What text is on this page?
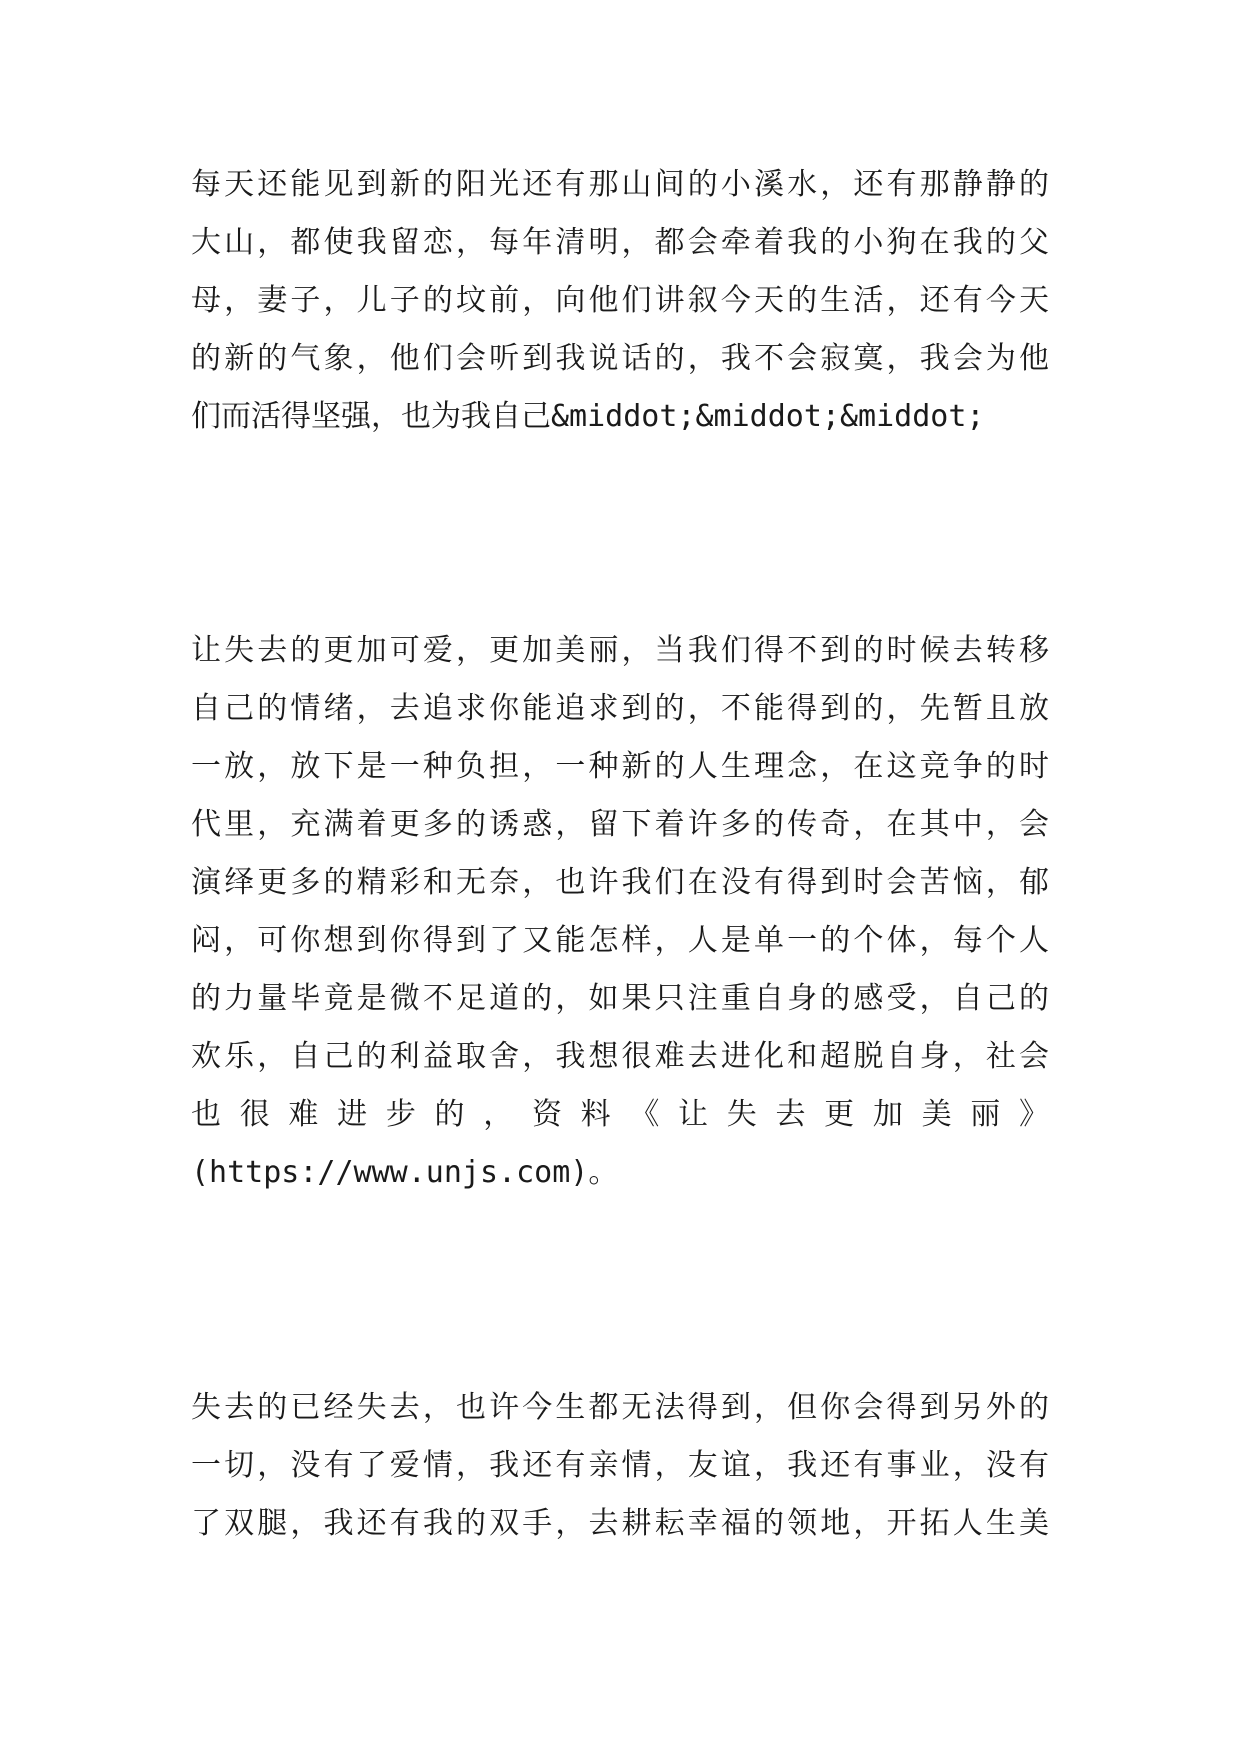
每天还能见到新的阳光还有那山间的小溪水，还有那静静的
大山，都使我留恋，每年清明，都会牵着我的小狗在我的父
母，妻子，儿子的坟前，向他们讲叙今天的生活，还有今天
的新的气象，他们会听到我说话的，我不会寂寞，我会为他
们而活得坚强，也为我自己&middot;&middot;&middot;
让失去的更加可爱，更加美丽，当我们得不到的时候去转移
自己的情绪，去追求你能追求到的，不能得到的，先暂且放
一放，放下是一种负担，一种新的人生理念，在这竞争的时
代里，充满着更多的诱惑，留下着许多的传奇，在其中，会
演绎更多的精彩和无奈，也许我们在没有得到时会苦恼，郁
闷，可你想到你得到了又能怎样，人是单一的个体，每个人
的力量毕竟是微不足道的，如果只注重自身的感受，自己的
欢乐，自己的利益取舍，我想很难去进化和超脱自身，社会
也 很 难 进 步 的 ， 资 料 《 让 失 去 更 加 美 丽 》
(https://www.unjs.com)。
失去的已经失去，也许今生都无法得到，但你会得到另外的
一切，没有了爱情，我还有亲情，友谊，我还有事业，没有
了双腿，我还有我的双手，去耕耘幸福的领地，开拓人生美
